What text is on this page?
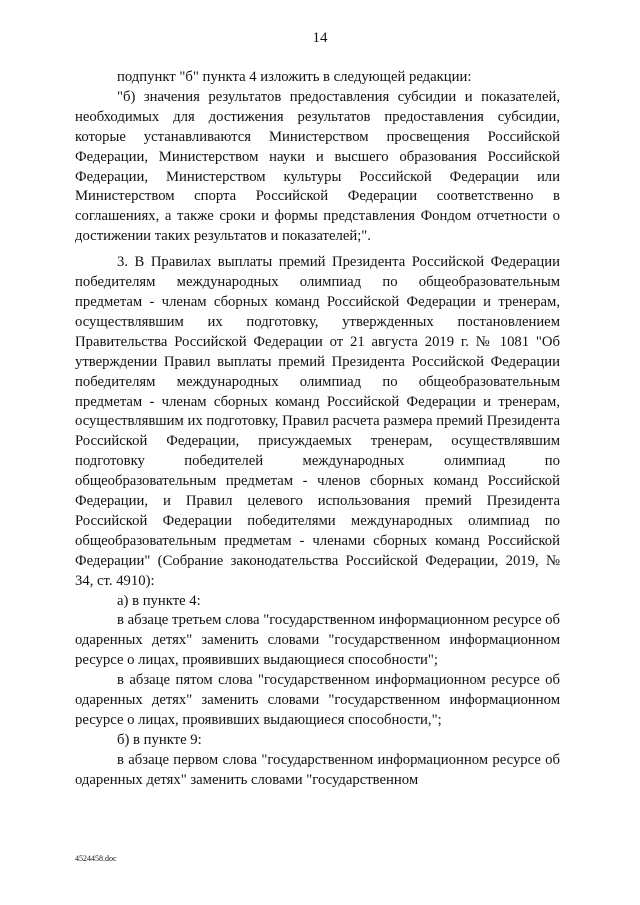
14

подпункт "б" пункта 4 изложить в следующей редакции:

"б) значения результатов предоставления субсидии и показателей, необходимых для достижения результатов предоставления субсидии, которые устанавливаются Министерством просвещения Российской Федерации, Министерством науки и высшего образования Российской Федерации, Министерством культуры Российской Федерации или Министерством спорта Российской Федерации соответственно в соглашениях, а также сроки и формы представления Фондом отчетности о достижении таких результатов и показателей;".

3. В Правилах выплаты премий Президента Российской Федерации победителям международных олимпиад по общеобразовательным предметам - членам сборных команд Российской Федерации и тренерам, осуществлявшим их подготовку, утвержденных постановлением Правительства Российской Федерации от 21 августа 2019 г. № 1081 "Об утверждении Правил выплаты премий Президента Российской Федерации победителям международных олимпиад по общеобразовательным предметам - членам сборных команд Российской Федерации и тренерам, осуществлявшим их подготовку, Правил расчета размера премий Президента Российской Федерации, присуждаемых тренерам, осуществлявшим подготовку победителей международных олимпиад по общеобразовательным предметам - членов сборных команд Российской Федерации, и Правил целевого использования премий Президента Российской Федерации победителями международных олимпиад по общеобразовательным предметам - членами сборных команд Российской Федерации" (Собрание законодательства Российской Федерации, 2019, № 34, ст. 4910):

а) в пункте 4:

в абзаце третьем слова "государственном информационном ресурсе об одаренных детях" заменить словами "государственном информационном ресурсе о лицах, проявивших выдающиеся способности";

в абзаце пятом слова "государственном информационном ресурсе об одаренных детях" заменить словами "государственном информационном ресурсе о лицах, проявивших выдающиеся способности,";

б) в пункте 9:

в абзаце первом слова "государственном информационном ресурсе об одаренных детях" заменить словами "государственном

4524458.doc
